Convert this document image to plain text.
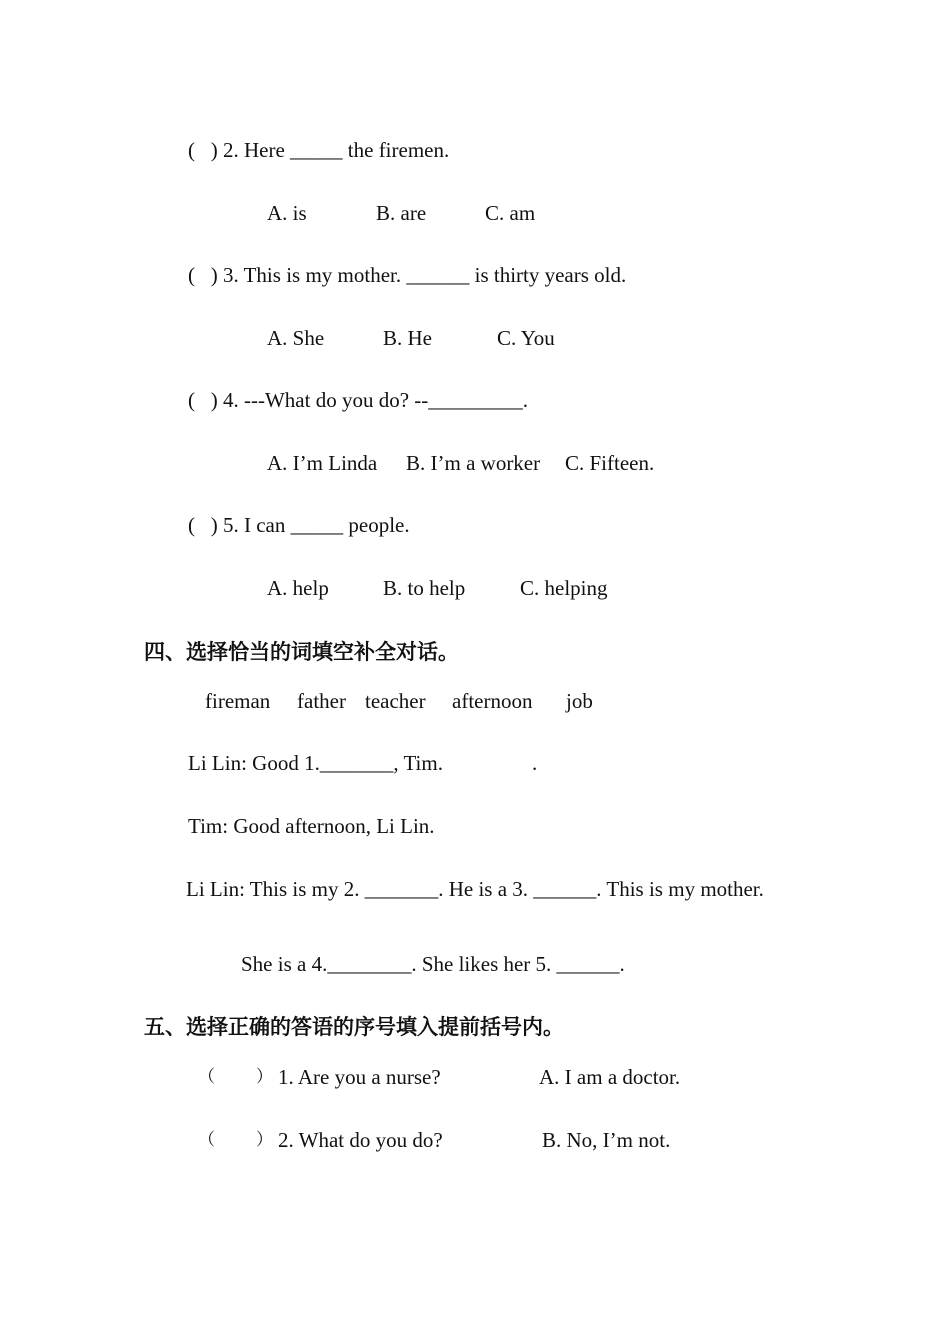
(   ) 2. Here _____ the firemen.
A. is	B. are	C. am
(   ) 3. This is my mother. ______ is thirty years old.
A. She	B. He	C. You
(   ) 4. ---What do you do? --_________.
A. I’m Linda B. I’m a worker C. Fifteen.
(   ) 5. I can _____ people.
A. help	B. to help	C. helping
四、选择恰当的词填空补全对话。
fireman father teacher afternoon job
Li Lin: Good 1._______, Tim.	.
Tim: Good afternoon, Li Lin.
Li Lin: This is my 2. _______. He is a 3. ______. This is my mother.
She is a 4.________. She likes her 5. ______.
五、选择正确的答语的序号填入提前括号内。
（ ） 1. Are you a nurse?	A. I am a doctor.
（ ） 2. What do you do?	B. No, I’m not.
